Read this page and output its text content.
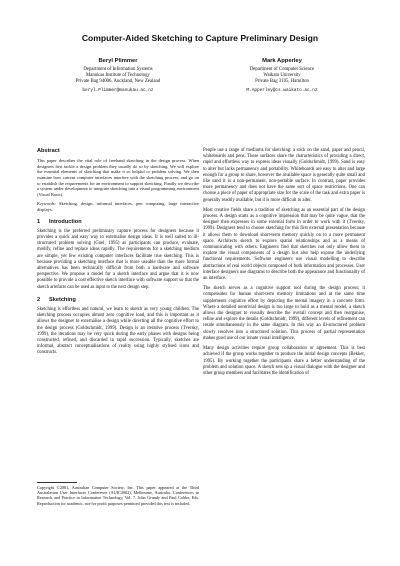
Computer-Aided Sketching to Capture Preliminary Design
Beryl Plimmer
Department of Information Systems
Manukau Institute of Technology
Private Bag 94006, Auckland, New Zealand
beryl.Plimmer@manukau.ac.nz
Mark Apperley
Department of Computer Science
Waikato University
Private Bag 3105, Hamilton
M.Apperley@cs.waikato.ac.nz
Abstract

This paper describes the vital role of freehand sketching in the design process. When designers first tackle a design problem they usually do so by sketching. We will explore the essential elements of sketching that make it so helpful to problem solving. We then examine how current computer interfaces interfere with the sketching process, and go on to establish the requirements for an environment to support sketching. Finally we describe a system under development to integrate sketching into a visual programming environment (Visual Basic).

Keywords: Sketching, design, informal interfaces, pen computing, large interactive displays.

1 Introduction

Sketching is the preferred preliminary capture process for designers because it provides a quick and easy way to externalise design ideas. It is well suited to ill-structured problem solving (Goel, 1995) as participants can produce, evaluate, modify, refine and replace ideas rapidly. The requirements for a sketching medium are simple, yet few existing computer interfaces facilitate true sketching. This is because providing a sketching interface that is more useable than the more formal alternatives has been technically difficult from both a hardware and software perspective. We propose a model for a sketch interface and argue that it is now possible to provide a cost effective sketch interface with software support so that the sketch artefacts can be used as input to the next design step.

2 Sketching

Sketching is effortless and natural, we learn to sketch as very young children. The sketching process occupies almost zero cognitive load, and this is important as it allows the designer to externalise a design while directing all the cognitive effort to the design process (Goldschmidt, 1999). Design is an iterative process (Tversky, 1999), the iterations may be very quick during the early phases with designs being constructed, refined, and discarded in rapid succession. Typically, sketches are informal, abstract conceptualisations of reality using highly stylised icons and constructs.

Copyright ©2001, Australian Computer Society, Inc. This paper appeared at the Third Australasian User Interfaces Conference (AUIC2002), Melbourne, Australia. Conferences in Research and Practice in Information Technology, Vol. 7. John Grundy and Paul Calder, Eds. Reproduction for academic, not-for profit purposes permitted provided this text is included.

People use a range of mediums for sketching: a stick on the sand, paper and pencil, whiteboards and pens. These surfaces share the characteristics of providing a direct, rapid and effortless way to express ideas visually (Goldschmidt, 1999). Sand is easy to alter but lacks permanency and portability. Whiteboards are easy to alter and large enough for a group to share, however the available space is generally quite small and like sand it is a non-permanent, non-portable surface. In contrast, paper provides more permanency and does not have the same sort of space restrictions. One can choose a piece of paper of appropriate size for the scale of the task and extra paper is generally readily available, but it is more difficult to alter.

Most creative fields share a tradition of sketching as an essential part of the design process. A design starts as a cognitive impression that may be quite vague, that the designer then expresses in some external form in order to work with it (Tversky, 1999). Designers tend to choose sketching for this first external presentation because it allows them to download short-term memory quickly on to a more permanent space. Architects sketch to explore spatial relationships and as a means of communicating with others. Engineers find that sketches not only allow them to explore the visual components of a design but also help expose the underlying functional requirements. Software engineers use visual modelling to describe abstractions of real world objects composed of both information and processes. User interface designers use diagrams to describe both the appearance and functionality of an interface.

The sketch serves as a cognitive support tool during the design process; it compensates for human short-term memory limitations and at the same time supplements cognitive effort by depicting the mental imagery in a concrete form. Where a detailed nontrivial design is too large to hold as a mental model, a sketch allows the designer to visually describe the overall concept and then reorganise, refine and explore the details (Goldschmidt, 1999), different levels of refinement can reside simultaneously in the same diagram. In this way an ill-structured problem slowly resolves into a structured solution. This process of partial representation makes good use of our innate visual intelligence.

Many design activities require group collaboration or agreement. This is best achieved if the group works together to produce the initial design concepts (Bekker, 1995). By working together the participants share a better understanding of the problem and solution space. A sketch sets up a visual dialogue with the designer and other group members and facilitates the identification of
